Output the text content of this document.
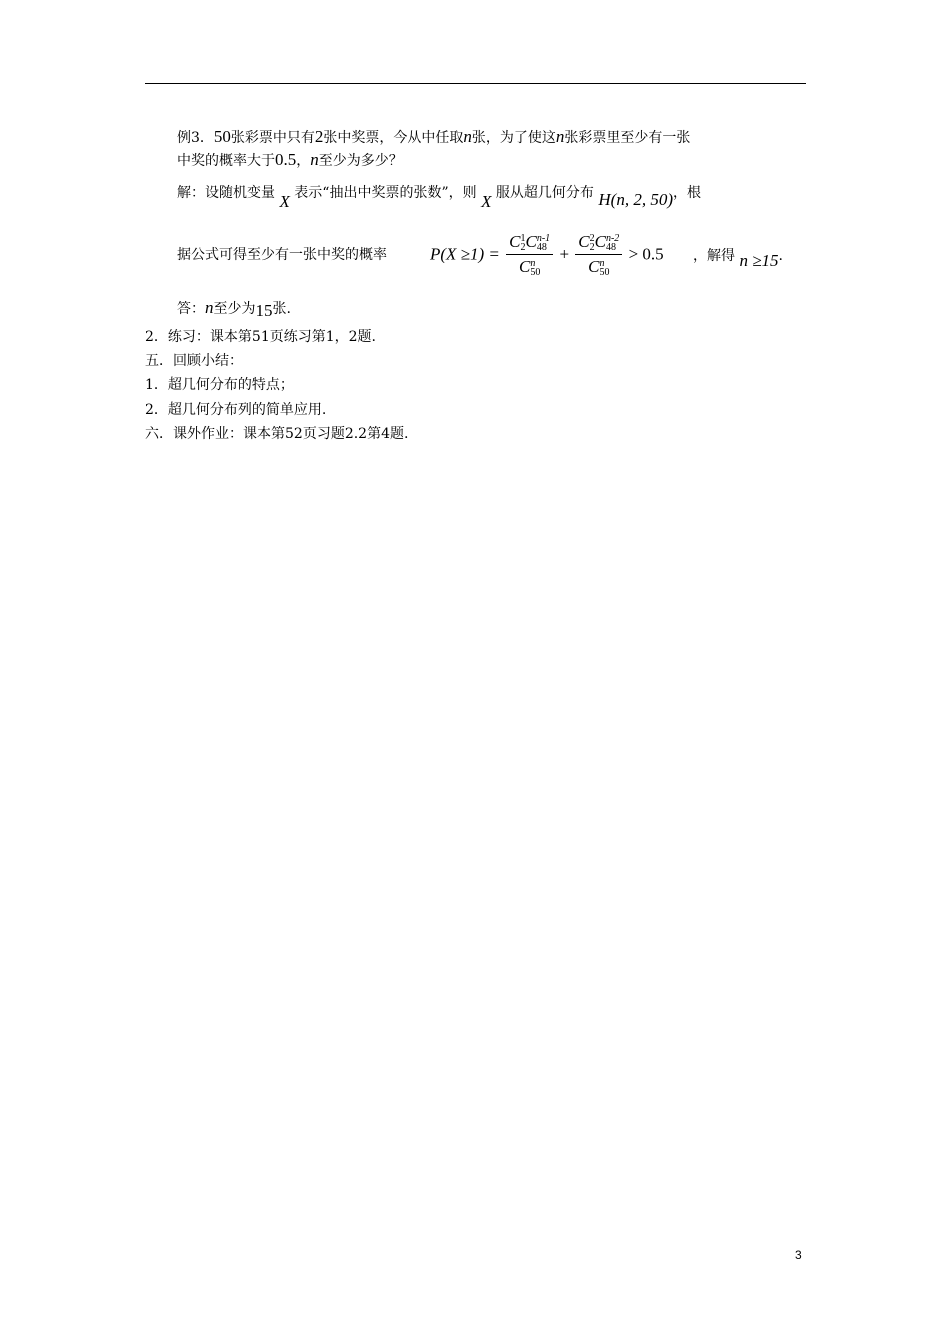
例3．50张彩票中只有2张中奖票，今从中任取n张，为了使这n张彩票里至少有一张
中奖的概率大于0.5，n至少为多少？
解：设随机变量 X 表示“抽出中奖票的张数”，则 X 服从超几何分布 H(n, 2, 50)，根
据公式可得至少有一张中奖的概率	P(X ≥1) = C 1
2 C n-1
48
C n
50 + C 2
2 C n-2
48
C n
50 > 0.5 ，解得 n ≥15.
答：n至少为15张.
2．练习：课本第51页练习第1，2题.
五．回顾小结：
1．超几何分布的特点；
2．超几何分布列的简单应用.
六．课外作业：课本第52页习题2.2第4题.
3
